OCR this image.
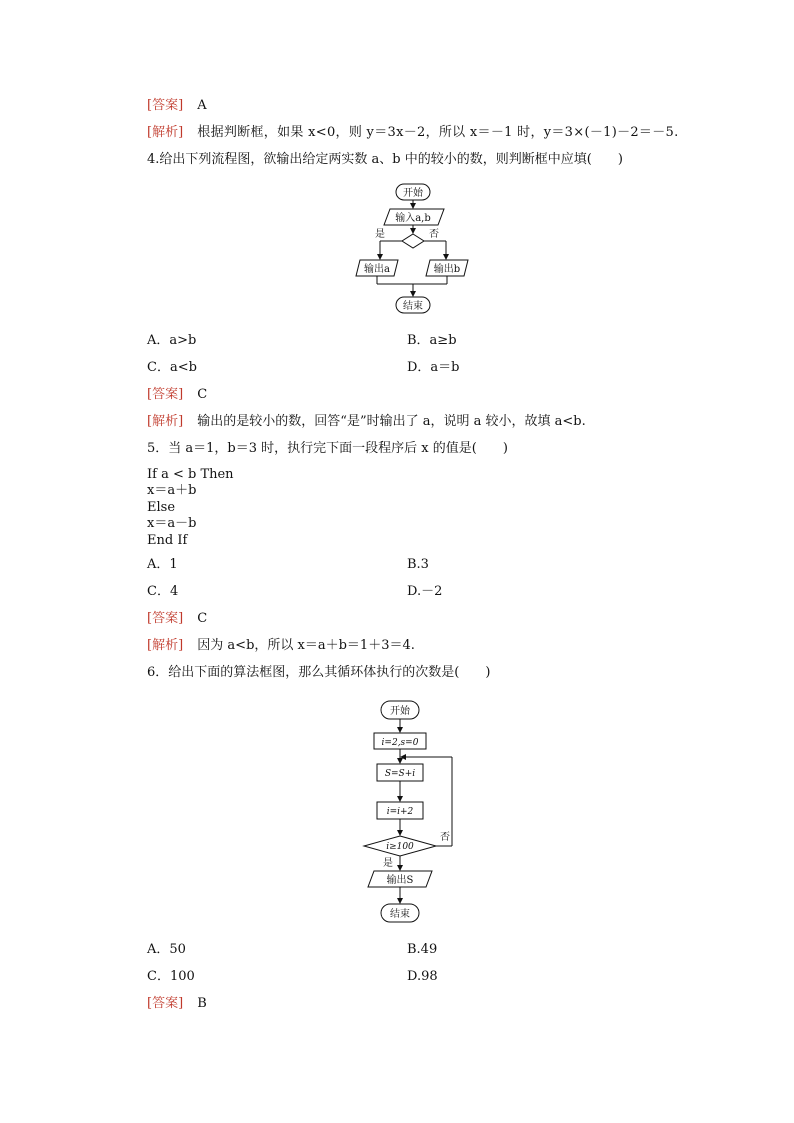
[答案] A
[解析] 根据判断框，如果 x<0，则 y＝3x－2，所以 x＝－1 时，y＝3×(－1)－2＝－5.
4.给出下列流程图，欲输出给定两实数 a、b 中的较小的数，则判断框中应填(　　)
开始
输入a,b
是	否
输出a	输出b
结束
A．a>b	B．a≥b
C．a<b	D．a＝b
[答案] C
[解析] 输出的是较小的数，回答“是”时输出了 a，说明 a 较小，故填 a<b.
5．当 a＝1，b＝3 时，执行完下面一段程序后 x 的值是(　　)
If a < b Then
x＝a＋b
Else
x＝a－b
End If
A．1	B.3
C．4	D.－2
[答案] C
[解析] 因为 a<b，所以 x＝a＋b＝1＋3＝4.
6．给出下面的算法框图，那么其循环体执行的次数是(　　)
开始
i=2,s=0
S=S+i
i=i+2
i≥100
否
是
输出S
结束
A．50	B.49
C．100	D.98
[答案] B
